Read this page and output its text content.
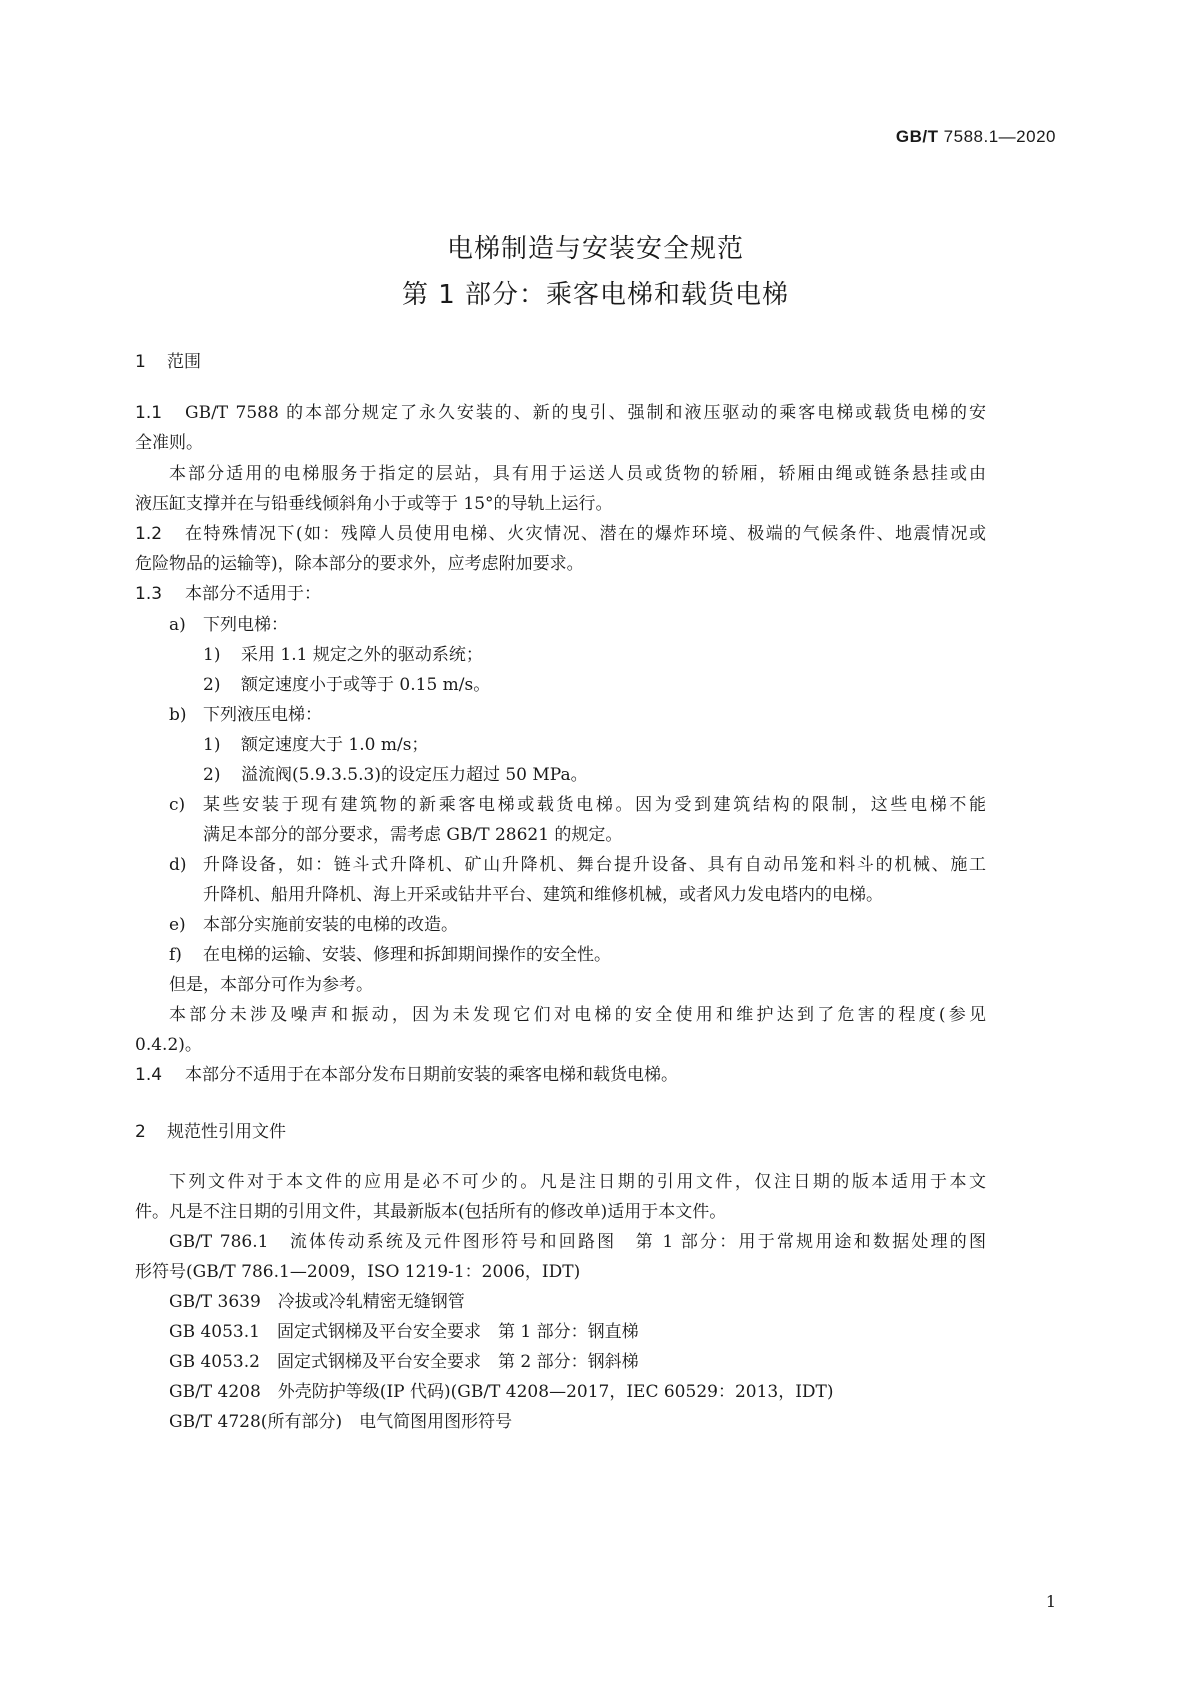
GB/T 7588.1—2020
电梯制造与安装安全规范
第 1 部分：乘客电梯和载货电梯
1 范围
1.1 GB/T 7588 的本部分规定了永久安装的、新的曳引、强制和液压驱动的乘客电梯或载货电梯的安
全准则。
本部分适用的电梯服务于指定的层站，具有用于运送人员或货物的轿厢，轿厢由绳或链条悬挂或由
液压缸支撑并在与铅垂线倾斜角小于或等于 15°的导轨上运行。
1.2 在特殊情况下(如：残障人员使用电梯、火灾情况、潜在的爆炸环境、极端的气候条件、地震情况或
危险物品的运输等)，除本部分的要求外，应考虑附加要求。
1.3 本部分不适用于：
a) 下列电梯：
1) 采用 1.1 规定之外的驱动系统；
2) 额定速度小于或等于 0.15 m/s。
b) 下列液压电梯：
1) 额定速度大于 1.0 m/s；
2) 溢流阀(5.9.3.5.3)的设定压力超过 50 MPa。
c) 某些安装于现有建筑物的新乘客电梯或载货电梯。因为受到建筑结构的限制，这些电梯不能
满足本部分的部分要求，需考虑 GB/T 28621 的规定。
d) 升降设备，如：链斗式升降机、矿山升降机、舞台提升设备、具有自动吊笼和料斗的机械、施工
升降机、船用升降机、海上开采或钻井平台、建筑和维修机械，或者风力发电塔内的电梯。
e) 本部分实施前安装的电梯的改造。
f) 在电梯的运输、安装、修理和拆卸期间操作的安全性。
但是，本部分可作为参考。
本部分未涉及噪声和振动，因为未发现它们对电梯的安全使用和维护达到了危害的程度(参见
0.4.2)。
1.4 本部分不适用于在本部分发布日期前安装的乘客电梯和载货电梯。
2 规范性引用文件
下列文件对于本文件的应用是必不可少的。凡是注日期的引用文件，仅注日期的版本适用于本文
件。凡是不注日期的引用文件，其最新版本(包括所有的修改单)适用于本文件。
GB/T 786.1　流体传动系统及元件图形符号和回路图　第 1 部分：用于常规用途和数据处理的图
形符号(GB/T 786.1—2009，ISO 1219-1：2006，IDT)
GB/T 3639　冷拔或冷轧精密无缝钢管
GB 4053.1　固定式钢梯及平台安全要求　第 1 部分：钢直梯
GB 4053.2　固定式钢梯及平台安全要求　第 2 部分：钢斜梯
GB/T 4208　外壳防护等级(IP 代码)(GB/T 4208—2017，IEC 60529：2013，IDT)
GB/T 4728(所有部分)　电气简图用图形符号
1
